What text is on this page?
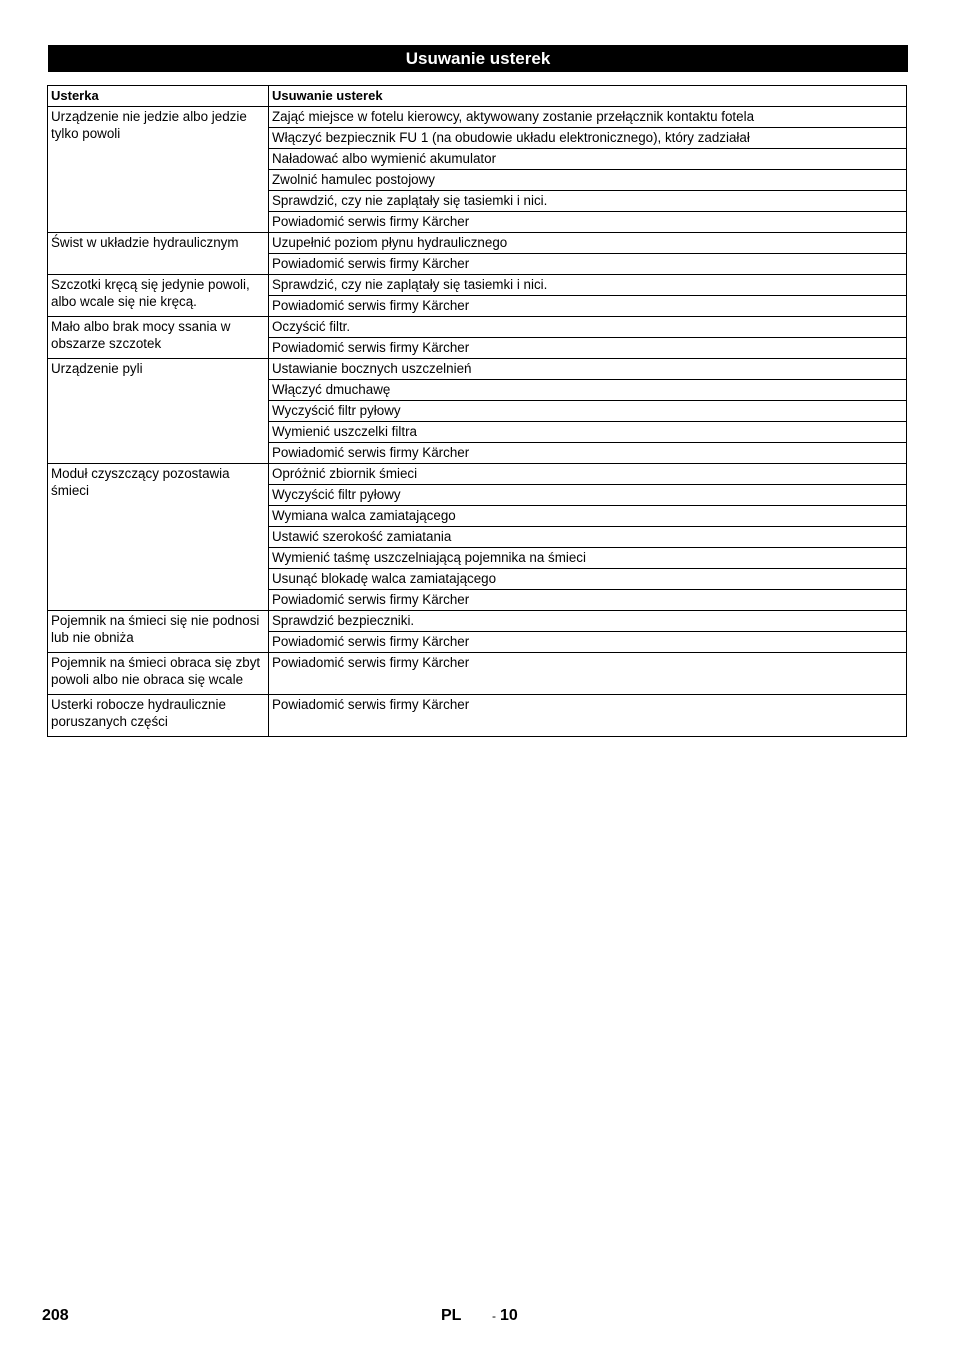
Usuwanie usterek
Usterka	Usuwanie usterek
Urządzenie nie jedzie albo jedzie tylko powoli	Zająć miejsce w fotelu kierowcy, aktywowany zostanie przełącznik kontaktu fotela
	Włączyć bezpiecznik FU 1 (na obudowie układu elektronicznego), który zadziałał
	Naładować albo wymienić akumulator
	Zwolnić hamulec postojowy
	Sprawdzić, czy nie zaplątały się tasiemki i nici.
	Powiadomić serwis firmy Kärcher
Świst w układzie hydraulicznym	Uzupełnić poziom płynu hydraulicznego
	Powiadomić serwis firmy Kärcher
Szczotki kręcą się jedynie powoli, albo wcale się nie kręcą.	Sprawdzić, czy nie zaplątały się tasiemki i nici.
	Powiadomić serwis firmy Kärcher
Mało albo brak mocy ssania w obszarze szczotek	Oczyścić filtr.
	Powiadomić serwis firmy Kärcher
Urządzenie pyli	Ustawianie bocznych uszczelnień
	Włączyć dmuchawę
	Wyczyścić filtr pyłowy
	Wymienić uszczelki filtra
	Powiadomić serwis firmy Kärcher
Moduł czyszczący pozostawia śmieci	Opróżnić zbiornik śmieci
	Wyczyścić filtr pyłowy
	Wymiana walca zamiatającego
	Ustawić szerokość zamiatania
	Wymienić taśmę uszczelniającą pojemnika na śmieci
	Usunąć blokadę walca zamiatającego
	Powiadomić serwis firmy Kärcher
Pojemnik na śmieci się nie podnosi lub nie obniża	Sprawdzić bezpieczniki.
	Powiadomić serwis firmy Kärcher
Pojemnik na śmieci obraca się zbyt powoli albo nie obraca się wcale	Powiadomić serwis firmy Kärcher
Usterki robocze hydraulicznie poruszanych części	Powiadomić serwis firmy Kärcher
208	PL	- 10
